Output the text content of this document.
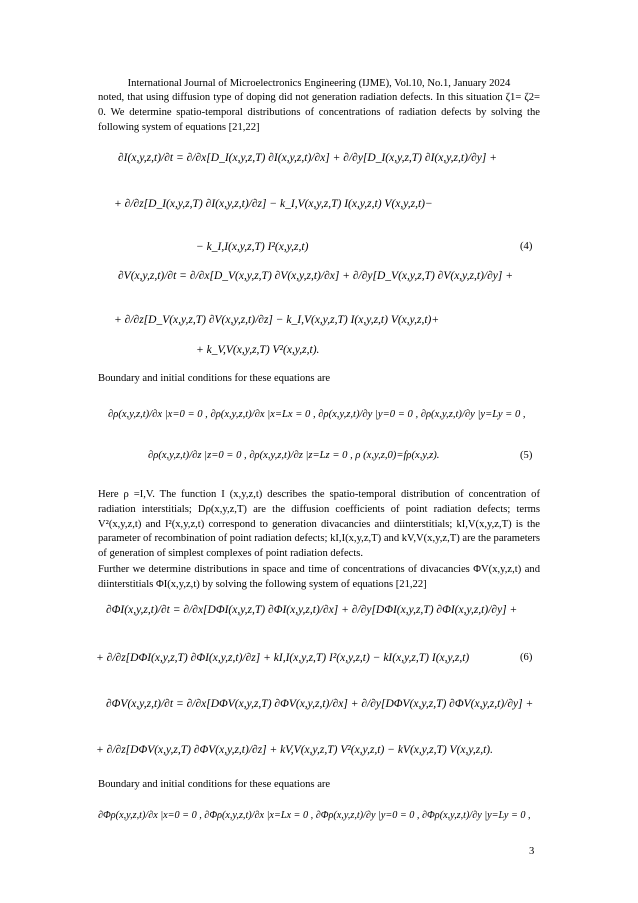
International Journal of Microelectronics Engineering (IJME), Vol.10, No.1, January 2024

noted, that using diffusion type of doping did not generation radiation defects. In this situation ζ1= ζ2= 0. We determine spatio-temporal distributions of concentrations of radiation defects by solving the following system of equations [21,22]

∂I(x,y,z,t)/∂t = ∂/∂x[D_I(x,y,z,T) ∂I(x,y,z,t)/∂x] + ∂/∂y[D_I(x,y,z,T) ∂I(x,y,z,t)/∂y] +
+ ∂/∂z[D_I(x,y,z,T) ∂I(x,y,z,t)/∂z] − k_I,V(x,y,z,T) I(x,y,z,t) V(x,y,z,t)−
− k_I,I(x,y,z,T) I²(x,y,z,t)	(4)
∂V(x,y,z,t)/∂t = ∂/∂x[D_V(x,y,z,T) ∂V(x,y,z,t)/∂x] + ∂/∂y[D_V(x,y,z,T) ∂V(x,y,z,t)/∂y] +
+ ∂/∂z[D_V(x,y,z,T) ∂V(x,y,z,t)/∂z] − k_I,V(x,y,z,T) I(x,y,z,t) V(x,y,z,t)+
+ k_V,V(x,y,z,T) V²(x,y,z,t).

Boundary and initial conditions for these equations are

∂ρ(x,y,z,t)/∂x |x=0 = 0 , ∂ρ(x,y,z,t)/∂x |x=Lx = 0 , ∂ρ(x,y,z,t)/∂y |y=0 = 0 , ∂ρ(x,y,z,t)/∂y |y=Ly = 0 ,
∂ρ(x,y,z,t)/∂z |z=0 = 0 , ∂ρ(x,y,z,t)/∂z |z=Lz = 0 , ρ (x,y,z,0)=fρ(x,y,z).	(5)

Here ρ =I,V. The function I (x,y,z,t) describes the spatio-temporal distribution of concentration of radiation interstitials; Dρ(x,y,z,T) are the diffusion coefficients of point radiation defects; terms V²(x,y,z,t) and I²(x,y,z,t) correspond to generation divacancies and diinterstitials; kI,V(x,y,z,T) is the parameter of recombination of point radiation defects; kI,I(x,y,z,T) and kV,V(x,y,z,T) are the parameters of generation of simplest complexes of point radiation defects.

Further we determine distributions in space and time of concentrations of divacancies ΦV(x,y,z,t) and diinterstitials ΦI(x,y,z,t) by solving the following system of equations [21,22]

∂ΦI(x,y,z,t)/∂t = ∂/∂x[DΦI(x,y,z,T) ∂ΦI(x,y,z,t)/∂x] + ∂/∂y[DΦI(x,y,z,T) ∂ΦI(x,y,z,t)/∂y] +
+ ∂/∂z[DΦI(x,y,z,T) ∂ΦI(x,y,z,t)/∂z] + kI,I(x,y,z,T) I²(x,y,z,t) − kI(x,y,z,T) I(x,y,z,t)	(6)
∂ΦV(x,y,z,t)/∂t = ∂/∂x[DΦV(x,y,z,T) ∂ΦV(x,y,z,t)/∂x] + ∂/∂y[DΦV(x,y,z,T) ∂ΦV(x,y,z,t)/∂y] +
+ ∂/∂z[DΦV(x,y,z,T) ∂ΦV(x,y,z,t)/∂z] + kV,V(x,y,z,T) V²(x,y,z,t) − kV(x,y,z,T) V(x,y,z,t).

Boundary and initial conditions for these equations are

∂Φρ(x,y,z,t)/∂x |x=0 = 0 , ∂Φρ(x,y,z,t)/∂x |x=Lx = 0 , ∂Φρ(x,y,z,t)/∂y |y=0 = 0 , ∂Φρ(x,y,z,t)/∂y |y=Ly = 0 ,
3
